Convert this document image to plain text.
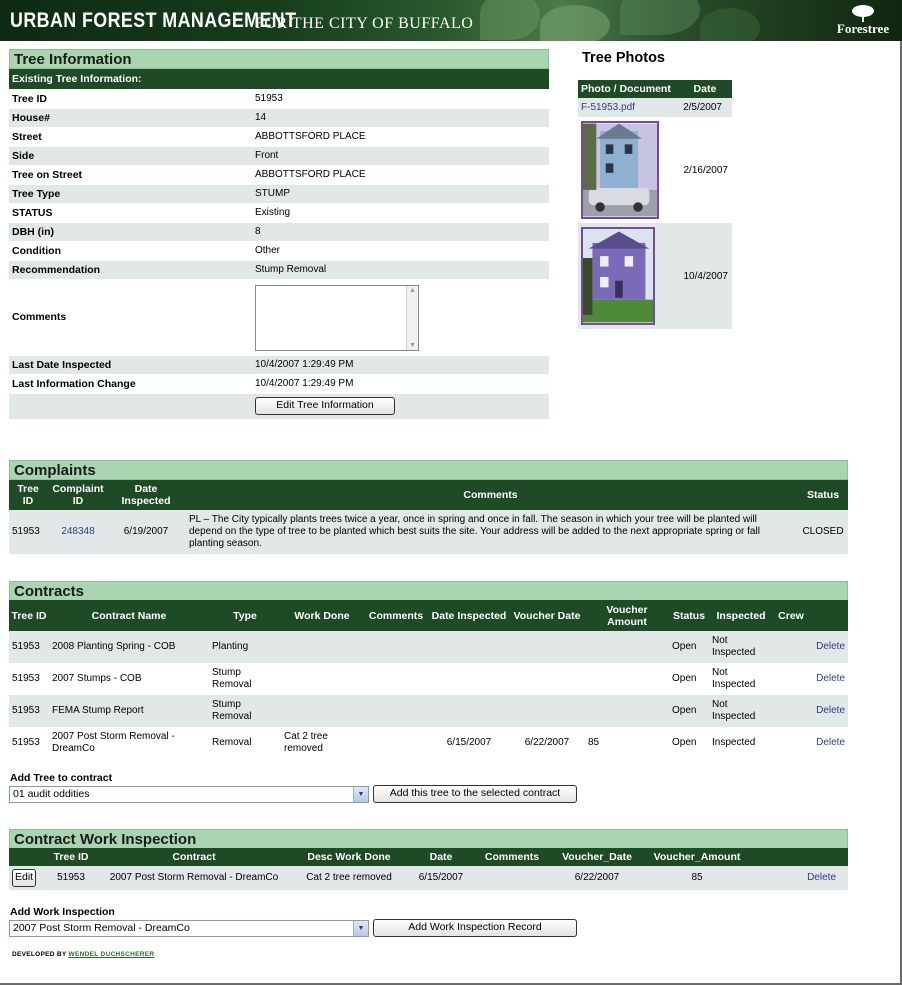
URBAN FOREST MANAGEMENT
FOR THE CITY OF BUFFALO	Forestree
Tree Information
Existing Tree Information:	
Tree ID	51953
House#	14
Street	ABBOTTSFORD PLACE
Side	Front
Tree on Street	ABBOTTSFORD PLACE
Tree Type	STUMP
STATUS	Existing
DBH (in)	8
Condition	Other
Recommendation	Stump Removal
Comments	▲
▼

Last Date Inspected	10/4/2007 1:29:49 PM
Last Information Change	10/4/2007 1:29:49 PM
	Edit Tree Information
Tree Photos
Photo / Document	Date
F-51953.pdf	2/5/2007

	2/16/2007

	10/4/2007
Complaints
Tree ID	Complaint ID	Date Inspected	Comments	Status
51953	248348	6/19/2007	PL – The City typically plants trees twice a year, once in spring and once in fall. The season in which your tree will be planted will depend on the type of tree to be planted which best suits the site. Your address will be added to the next appropriate spring or fall planting season.	CLOSED
Contracts
Tree ID	Contract Name	Type	Work Done	Comments	Date Inspected	Voucher Date	Voucher Amount	Status	Inspected	Crew	
51953	2008 Planting Spring - COB	Planting						Open	Not Inspected		Delete
51953	2007 Stumps - COB	Stump Removal						Open	Not Inspected		Delete
51953	FEMA Stump Report	Stump Removal						Open	Not Inspected		Delete
51953	2007 Post Storm Removal - DreamCo	Removal	Cat 2 tree removed		6/15/2007	6/22/2007	85	Open	Inspected		Delete
Add Tree to contract
01 audit oddities	▼	Add this tree to the selected contract
Contract Work Inspection
	Tree ID	Contract	Desc Work Done	Date	Comments	Voucher_Date	Voucher_Amount	
Edit	51953	2007 Post Storm Removal - DreamCo	Cat 2 tree removed	6/15/2007		6/22/2007	85	Delete
Add Work Inspection
2007 Post Storm Removal - DreamCo	▼	Add Work Inspection Record
DEVELOPED BY WENDEL DUCHSCHERER
